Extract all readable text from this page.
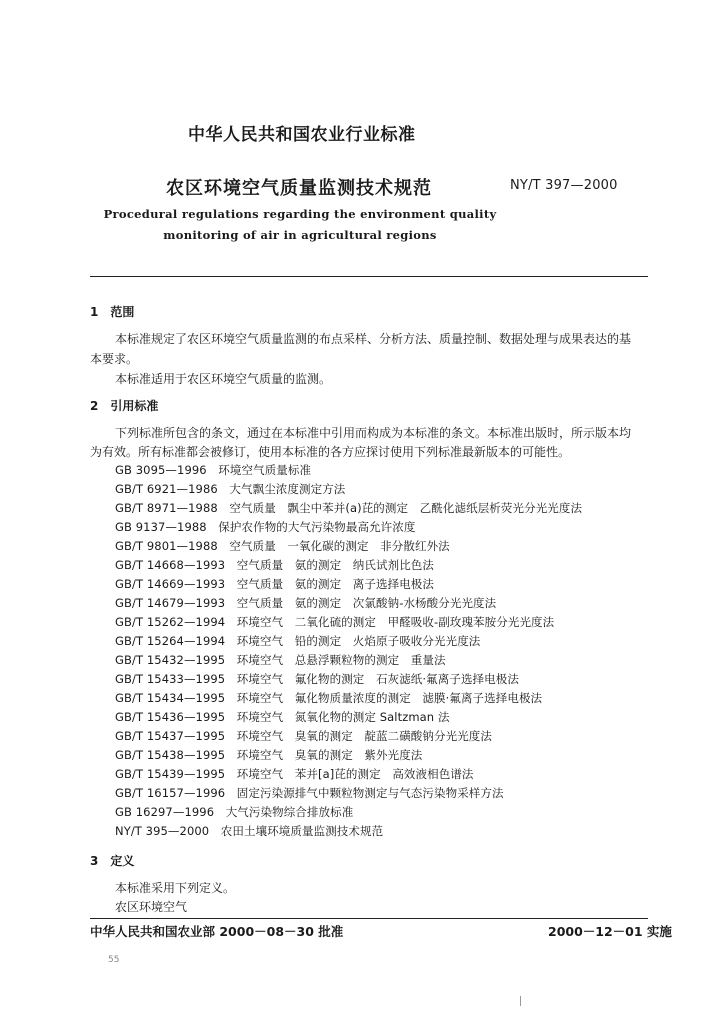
中华人民共和国农业行业标准
农区环境空气质量监测技术规范	NY/T 397—2000
Procedural regulations regarding the environment quality
monitoring of air in agricultural regions
1　范围
本标准规定了农区环境空气质量监测的布点采样、分析方法、质量控制、数据处理与成果表达的基
本要求。
本标准适用于农区环境空气质量的监测。
2　引用标准
下列标准所包含的条文，通过在本标准中引用而构成为本标准的条文。本标准出版时，所示版本均
为有效。所有标准都会被修订，使用本标准的各方应探讨使用下列标准最新版本的可能性。
GB 3095—1996　环境空气质量标准
GB/T 6921—1986　大气飘尘浓度测定方法
GB/T 8971—1988　空气质量　飘尘中苯并(a)芘的测定　乙酰化滤纸层析荧光分光光度法
GB 9137—1988　保护农作物的大气污染物最高允许浓度
GB/T 9801—1988　空气质量　一氧化碳的测定　非分散红外法
GB/T 14668—1993　空气质量　氨的测定　纳氏试剂比色法
GB/T 14669—1993　空气质量　氨的测定　离子选择电极法
GB/T 14679—1993　空气质量　氨的测定　次氯酸钠-水杨酸分光光度法
GB/T 15262—1994　环境空气　二氧化硫的测定　甲醛吸收-副玫瑰苯胺分光光度法
GB/T 15264—1994　环境空气　铅的测定　火焰原子吸收分光光度法
GB/T 15432—1995　环境空气　总悬浮颗粒物的测定　重量法
GB/T 15433—1995　环境空气　氟化物的测定　石灰滤纸·氟离子选择电极法
GB/T 15434—1995　环境空气　氟化物质量浓度的测定　滤膜·氟离子选择电极法
GB/T 15436—1995　环境空气　氮氧化物的测定 Saltzman 法
GB/T 15437—1995　环境空气　臭氧的测定　靛蓝二磺酸钠分光光度法
GB/T 15438—1995　环境空气　臭氧的测定　紫外光度法
GB/T 15439—1995　环境空气　苯并[a]芘的测定　高效液相色谱法
GB/T 16157—1996　固定污染源排气中颗粒物测定与气态污染物采样方法
GB 16297—1996　大气污染物综合排放标准
NY/T 395—2000　农田土壤环境质量监测技术规范
3　定义
本标准采用下列定义。
农区环境空气
中华人民共和国农业部 2000－08－30 批准	2000－12－01 实施
55
